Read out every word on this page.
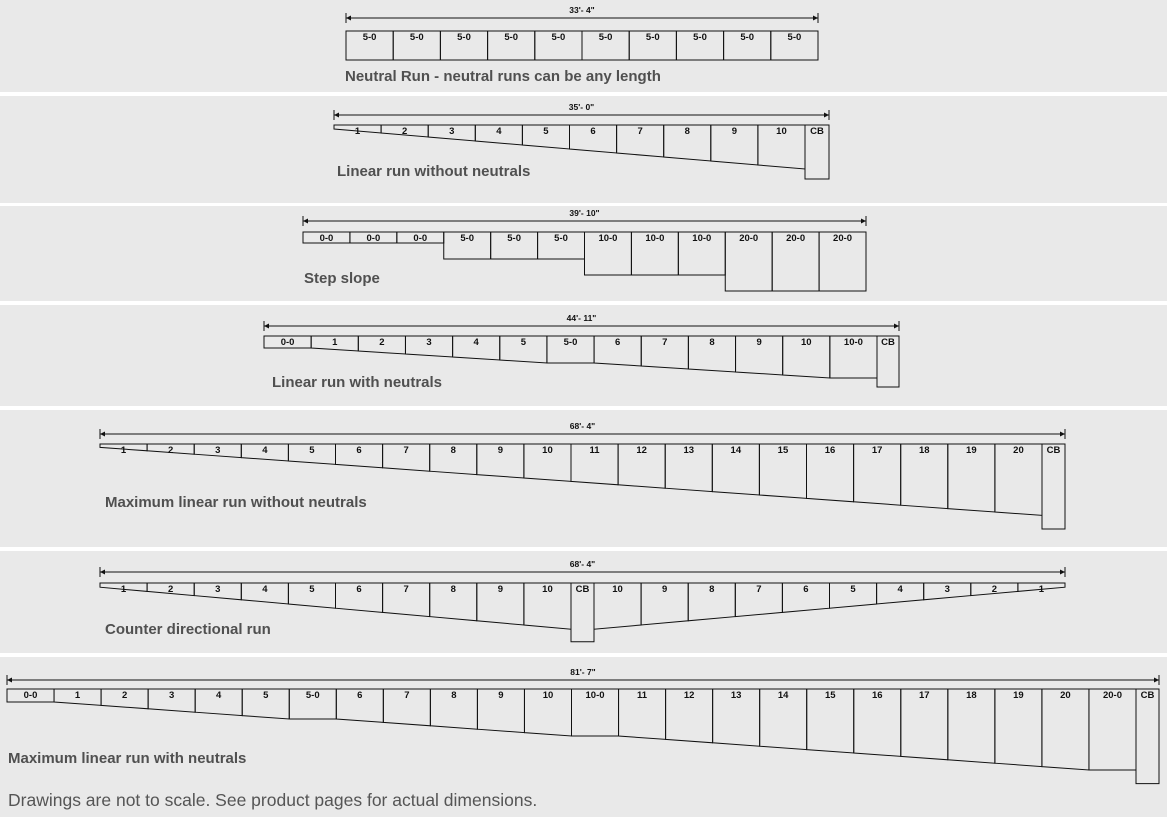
33'- 4"
5-0	5-0	5-0	5-0	5-0	5-0	5-0	5-0	5-0	5-0
Neutral Run - neutral runs can be any length
35'- 0"
1	2	3	4	5	6	7	8	9	10 CB
Linear run without neutrals
39'- 10"
0-0	0-0	0-0	5-0	5-0	5-0	10-0	10-0	10-0	20-0	20-0	20-0
Step slope
44'- 11"
0-0	1	2	3	4	5	5-0	6	7	8	9	10	10-0 CB
Linear run with neutrals
68'- 4"
1	2	3	4	5	6	7	8	9	10	11	12	13	14	15	16	17	18	19	20 CB
Maximum linear run without neutrals
68'- 4"
1	2	3	4	5	6	7	8	9	10 CB 10	9	8	7	6	5	4	3	2	1
Counter directional run
81'- 7"
0-0	1	2	3	4	5	5-0	6	7	8	9	10	10-0	11	12	13	14	15	16	17	18	19	20	20-0 CB
Maximum linear run with neutrals
Drawings are not to scale. See product pages for actual dimensions.
